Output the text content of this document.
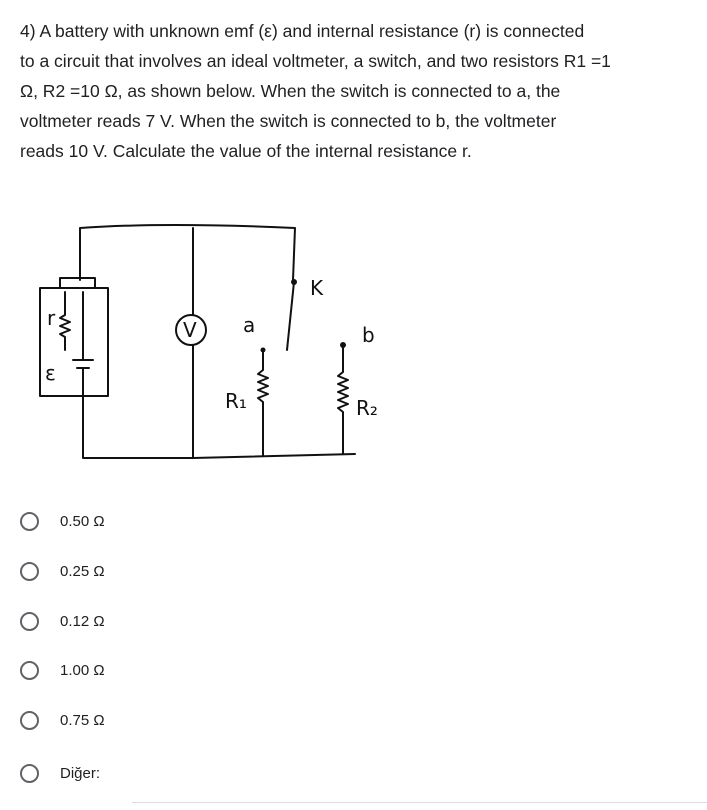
4) A battery with unknown emf (ε) and internal resistance (r) is connected
to a circuit that involves an ideal voltmeter, a switch, and two resistors R1 =1
Ω, R2 =10 Ω, as shown below. When the switch is connected to a, the
voltmeter reads 7 V. When the switch is connected to b, the voltmeter
reads 10 V. Calculate the value of the internal resistance r.
r
ε
V
K
a	b
R₁	R₂
0.50 Ω
0.25 Ω
0.12 Ω
1.00 Ω
0.75 Ω
Diğer:
